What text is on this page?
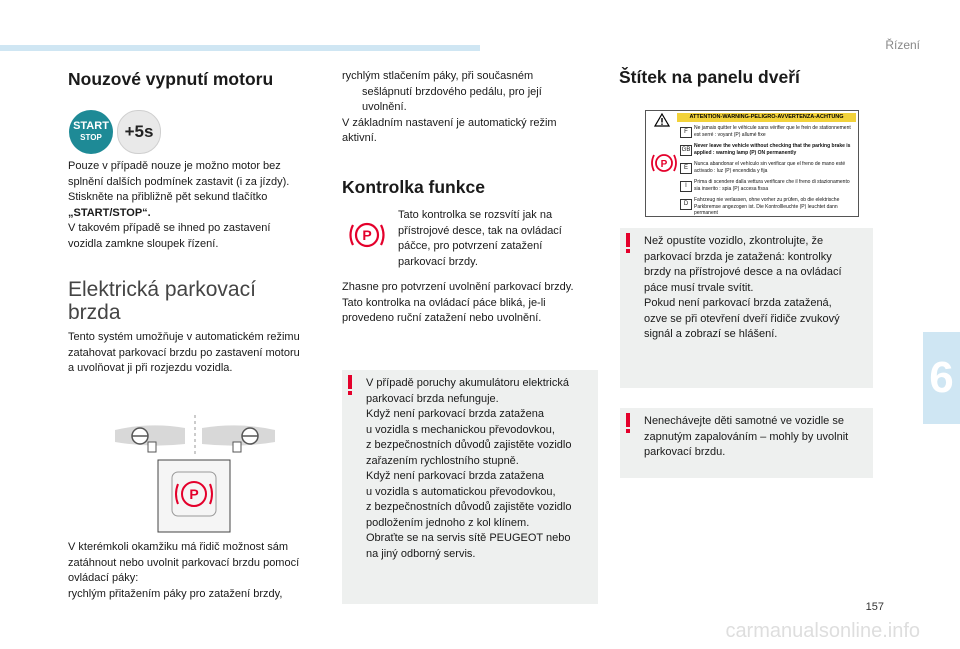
Řízení
6
157
carmanualsonline.info
Nouzové vypnutí motoru
START
STOP +5s

Pouze v případě nouze je možno motor bez
splnění dalších podmínek zastavit (i za jízdy).
Stiskněte na přibližně pět sekund tlačítko
„START/STOP“.
V takovém případě se ihned po zastavení
vozidla zamkne sloupek řízení.

Elektrická parkovací
brzda

Tento systém umožňuje v automatickém režimu
zatahovat parkovací brzdu po zastavení motoru
a uvolňovat ji při rozjezdu vozidla.

P

V kterémkoli okamžiku má řidič možnost sám
zatáhnout nebo uvolnit parkovací brzdu pomocí
ovládací páky:
rychlým přitažením páky pro zatažení brzdy,

rychlým stlačením páky, při současném
sešlápnutí brzdového pedálu, pro její
uvolnění.
V základním nastavení je automatický režim
aktivní.

Kontrolka funkce
P

Tato kontrolka se rozsvítí jak na
přístrojové desce, tak na ovládací
páčce, pro potvrzení zatažení
parkovací brzdy.

Zhasne pro potvrzení uvolnění parkovací brzdy.
Tato kontrolka na ovládací páce bliká, je-li
provedeno ruční zatažení nebo uvolnění.

V případě poruchy akumulátoru elektrická
parkovací brzda nefunguje.
Když není parkovací brzda zatažena
u vozidla s mechanickou převodovkou,
z bezpečnostních důvodů zajistěte vozidlo
zařazením rychlostního stupně.
Když není parkovací brzda zatažena
u vozidla s automatickou převodovkou,
z bezpečnostních důvodů zajistěte vozidlo
podložením jednoho z kol klínem.
Obraťte se na servis sítě PEUGEOT nebo
na jiný odborný servis.

Štítek na panelu dveří
ATTENTION-WARNING-PELIGRO-AVVERTENZA-ACHTUNG
P
F
Ne jamais quitter le véhicule sans vérifier que le frein de stationnement est serré : voyant (P) allumé fixe
GB
Never leave the vehicle without checking that the parking brake is applied : warning lamp (P) ON permanently
E
Nunca abandonar el vehículo sin verificar que el freno de mano esté activado : luz (P) encendida y fija
I
Prima di scendere dalla vettura verificare che il freno di stazionamento sia inserito : spia (P) accesa fissa
D
Fahrzeug nie verlassen, ohne vorher zu prüfen, ob die elektrische Parkbremse angezogen ist. Die Kontrollleuchte (P) leuchtet dann permanent

Než opustíte vozidlo, zkontrolujte, že
parkovací brzda je zatažená: kontrolky
brzdy na přístrojové desce a na ovládací
páce musí trvale svítit.
Pokud není parkovací brzda zatažená,
ozve se při otevření dveří řidiče zvukový
signál a zobrazí se hlášení.

Nenechávejte děti samotné ve vozidle se
zapnutým zapalováním – mohly by uvolnit
parkovací brzdu.
